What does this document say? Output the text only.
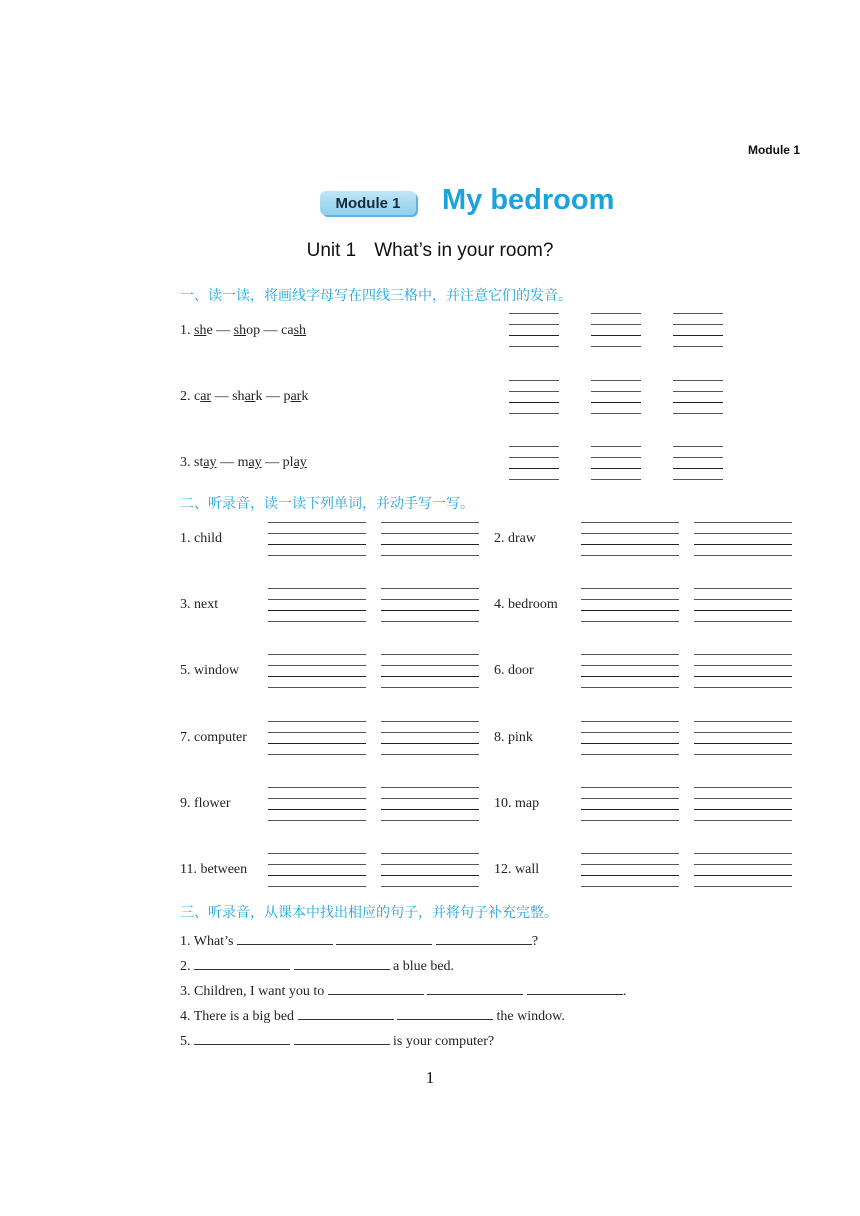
Module 1
Module 1	My bedroom
Unit 1 What’s in your room?
一、读一读，将画线字母写在四线三格中，并注意它们的发音。
1. she — shop — cash
2. car — shark — park
3. stay — may — play
二、听录音，读一读下列单词，并动手写一写。
1. child	2. draw
3. next	4. bedroom
5. window	6. door
7. computer	8. pink
9. flower	10. map
11. between	12. wall
三、听录音，从课本中找出相应的句子，并将句子补充完整。
1. What’s	?
2.	a blue bed.
3. Children, I want you to	.
4. There is a big bed	the window.
5.	is your computer?
1
